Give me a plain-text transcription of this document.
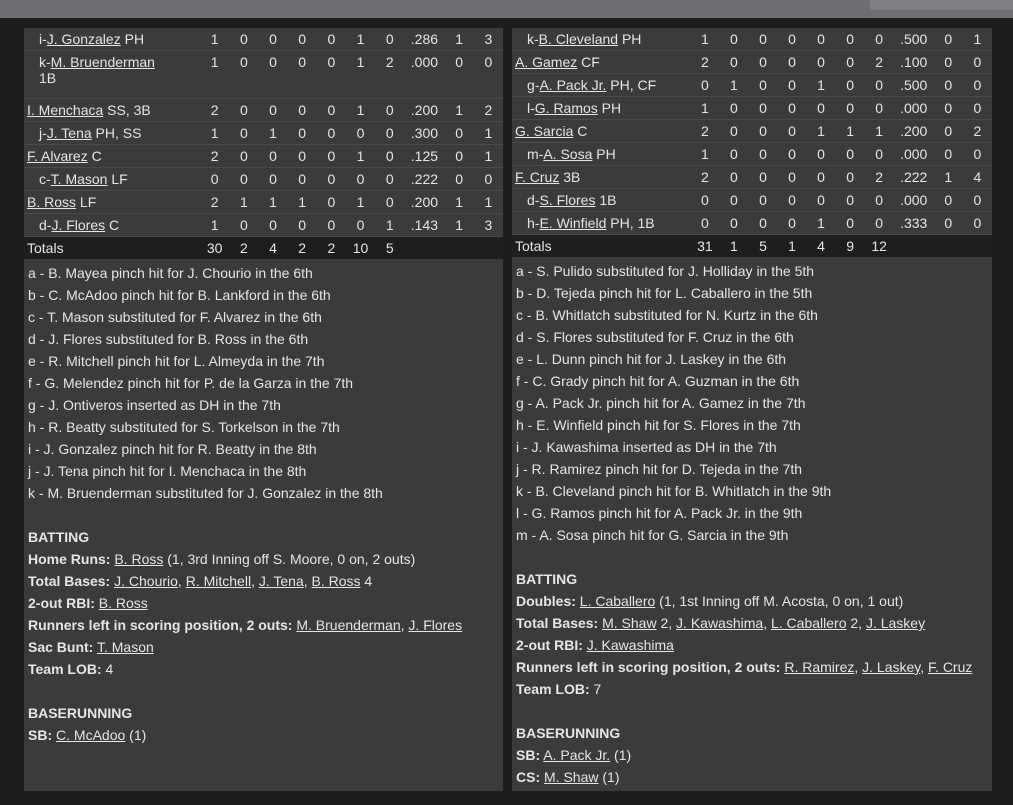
i-J. Gonzalez PH	1	0	0	0	0	1	0	.286	1	3
k-M. Bruenderman
1B	1	0	0	0	0	1	2	.000	0	0
I. Menchaca SS, 3B	2	0	0	0	0	1	0	.200	1	2
j-J. Tena PH, SS	1	0	1	0	0	0	0	.300	0	1
F. Alvarez C	2	0	0	0	0	1	0	.125	0	1
c-T. Mason LF	0	0	0	0	0	0	0	.222	0	0
B. Ross LF	2	1	1	1	0	1	0	.200	1	1
d-J. Flores C	1	0	0	0	0	0	1	.143	1	3
Totals	30	2	4	2	2	10	5			
a - B. Mayea pinch hit for J. Chourio in the 6th
b - C. McAdoo pinch hit for B. Lankford in the 6th
c - T. Mason substituted for F. Alvarez in the 6th
d - J. Flores substituted for B. Ross in the 6th
e - R. Mitchell pinch hit for L. Almeyda in the 7th
f - G. Melendez pinch hit for P. de la Garza in the 7th
g - J. Ontiveros inserted as DH in the 7th
h - R. Beatty substituted for S. Torkelson in the 7th
i - J. Gonzalez pinch hit for R. Beatty in the 8th
j - J. Tena pinch hit for I. Menchaca in the 8th
k - M. Bruenderman substituted for J. Gonzalez in the 8th
BATTING
Home Runs: B. Ross (1, 3rd Inning off S. Moore, 0 on, 2 outs)
Total Bases: J. Chourio, R. Mitchell, J. Tena, B. Ross 4
2-out RBI: B. Ross
Runners left in scoring position, 2 outs: M. Bruenderman, J. Flores
Sac Bunt: T. Mason
Team LOB: 4
BASERUNNING
SB: C. McAdoo (1)
k-B. Cleveland PH	1	0	0	0	0	0	0	.500	0	1
A. Gamez CF	2	0	0	0	0	0	2	.100	0	0
g-A. Pack Jr. PH, CF	0	1	0	0	1	0	0	.500	0	0
l-G. Ramos PH	1	0	0	0	0	0	0	.000	0	0
G. Sarcia C	2	0	0	0	1	1	1	.200	0	2
m-A. Sosa PH	1	0	0	0	0	0	0	.000	0	0
F. Cruz 3B	2	0	0	0	0	0	2	.222	1	4
d-S. Flores 1B	0	0	0	0	0	0	0	.000	0	0
h-E. Winfield PH, 1B	0	0	0	0	1	0	0	.333	0	0
Totals	31	1	5	1	4	9	12			
a - S. Pulido substituted for J. Holliday in the 5th
b - D. Tejeda pinch hit for L. Caballero in the 5th
c - B. Whitlatch substituted for N. Kurtz in the 6th
d - S. Flores substituted for F. Cruz in the 6th
e - L. Dunn pinch hit for J. Laskey in the 6th
f - C. Grady pinch hit for A. Guzman in the 6th
g - A. Pack Jr. pinch hit for A. Gamez in the 7th
h - E. Winfield pinch hit for S. Flores in the 7th
i - J. Kawashima inserted as DH in the 7th
j - R. Ramirez pinch hit for D. Tejeda in the 7th
k - B. Cleveland pinch hit for B. Whitlatch in the 9th
l - G. Ramos pinch hit for A. Pack Jr. in the 9th
m - A. Sosa pinch hit for G. Sarcia in the 9th
BATTING
Doubles: L. Caballero (1, 1st Inning off M. Acosta, 0 on, 1 out)
Total Bases: M. Shaw 2, J. Kawashima, L. Caballero 2, J. Laskey
2-out RBI: J. Kawashima
Runners left in scoring position, 2 outs: R. Ramirez, J. Laskey, F. Cruz
Team LOB: 7
BASERUNNING
SB: A. Pack Jr. (1)
CS: M. Shaw (1)
